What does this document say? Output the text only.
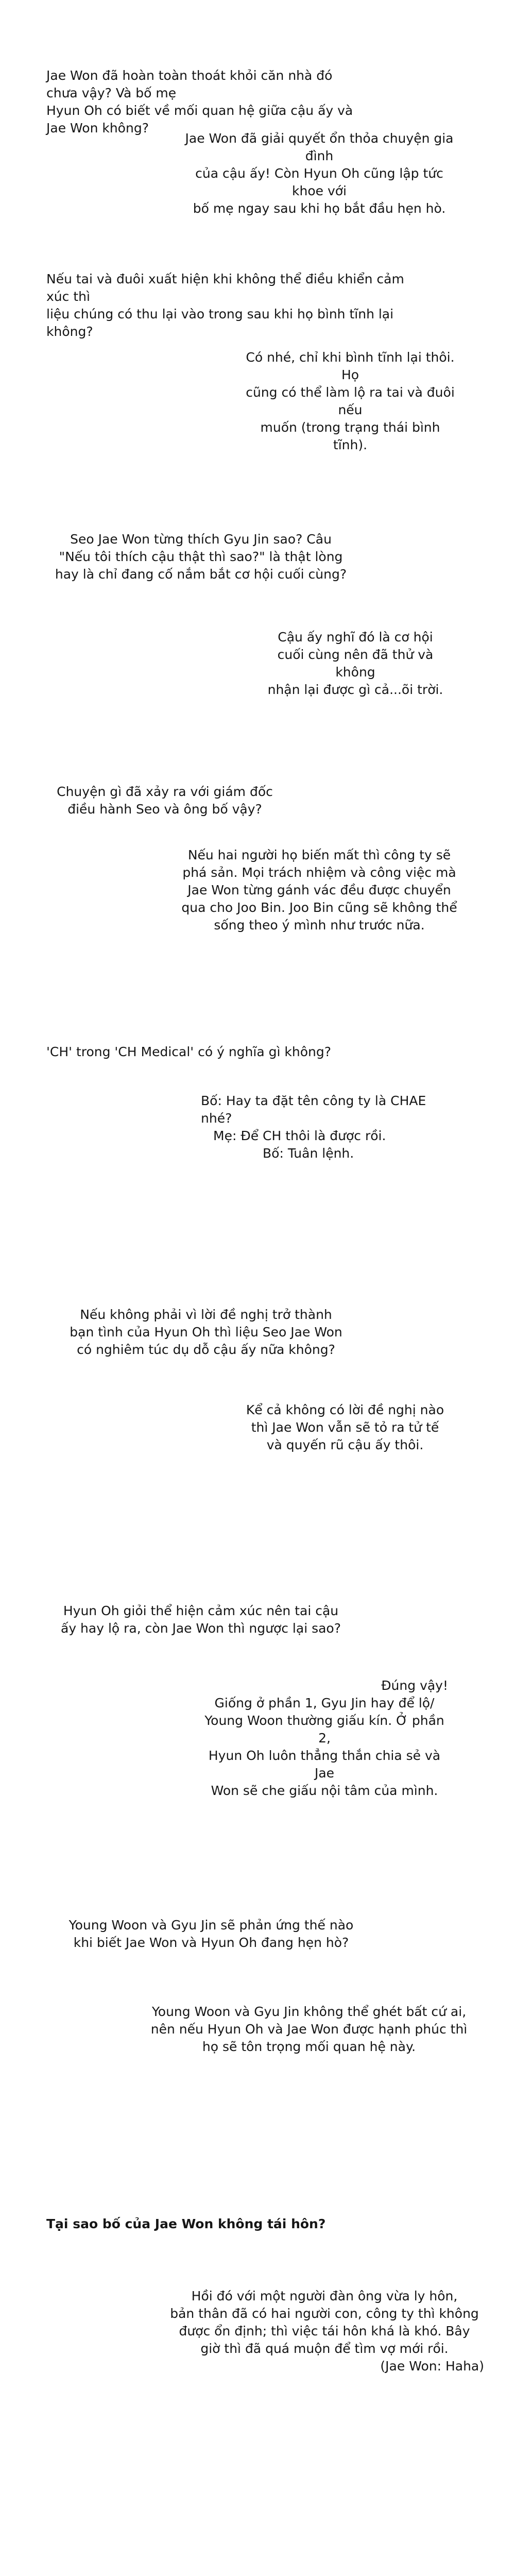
Jae Won đã hoàn toàn thoát khỏi căn nhà đó chưa vậy? Và bố mẹ

Hyun Oh có biết về mối quan hệ giữa cậu ấy và Jae Won không?

Jae Won đã giải quyết ổn thỏa chuyện gia đình

của cậu ấy! Còn Hyun Oh cũng lập tức khoe với

bố mẹ ngay sau khi họ bắt đầu hẹn hò.

Nếu tai và đuôi xuất hiện khi không thể điều khiển cảm xúc thì

liệu chúng có thu lại vào trong sau khi họ bình tĩnh lại không?

Có nhé, chỉ khi bình tĩnh lại thôi. Họ

cũng có thể làm lộ ra tai và đuôi nếu

muốn (trong trạng thái bình tĩnh).

Seo Jae Won từng thích Gyu Jin sao? Câu

"Nếu tôi thích cậu thật thì sao?" là thật lòng

hay là chỉ đang cố nắm bắt cơ hội cuối cùng?

Cậu ấy nghĩ đó là cơ hội

cuối cùng nên đã thử và không

nhận lại được gì cả...õi trời.

Chuyện gì đã xảy ra với giám đốc

điều hành Seo và ông bố vậy?

Nếu hai người họ biến mất thì công ty sẽ

phá sản. Mọi trách nhiệm và công việc mà

Jae Won từng gánh vác đều được chuyển

qua cho Joo Bin. Joo Bin cũng sẽ không thể

sống theo ý mình như trước nữa.

'CH' trong 'CH Medical' có ý nghĩa gì không?

Bố: Hay ta đặt tên công ty là CHAE nhé?

Mẹ: Để CH thôi là được rồi.

Bố: Tuân lệnh.

Nếu không phải vì lời đề nghị trở thành

bạn tình của Hyun Oh thì liệu Seo Jae Won

có nghiêm túc dụ dỗ cậu ấy nữa không?

Kể cả không có lời đề nghị nào

thì Jae Won vẫn sẽ tỏ ra tử tế

và quyến rũ cậu ấy thôi.

Hyun Oh giỏi thể hiện cảm xúc nên tai cậu

ấy hay lộ ra, còn Jae Won thì ngược lại sao?

Đúng vậy!

Giống ở phần 1, Gyu Jin hay để lộ/

Young Woon thường giấu kín. Ở phần 2,

Hyun Oh luôn thẳng thắn chia sẻ và Jae

Won sẽ che giấu nội tâm của mình.

Young Woon và Gyu Jin sẽ phản ứng thế nào

khi biết Jae Won và Hyun Oh đang hẹn hò?

Young Woon và Gyu Jin không thể ghét bất cứ ai,

nên nếu Hyun Oh và Jae Won được hạnh phúc thì

họ sẽ tôn trọng mối quan hệ này.

Tại sao bố của Jae Won không tái hôn?

Hồi đó với một người đàn ông vừa ly hôn,

bản thân đã có hai người con, công ty thì không

được ổn định; thì việc tái hôn khá là khó. Bây

giờ thì đã quá muộn để tìm vợ mới rồi.

(Jae Won: Haha)
